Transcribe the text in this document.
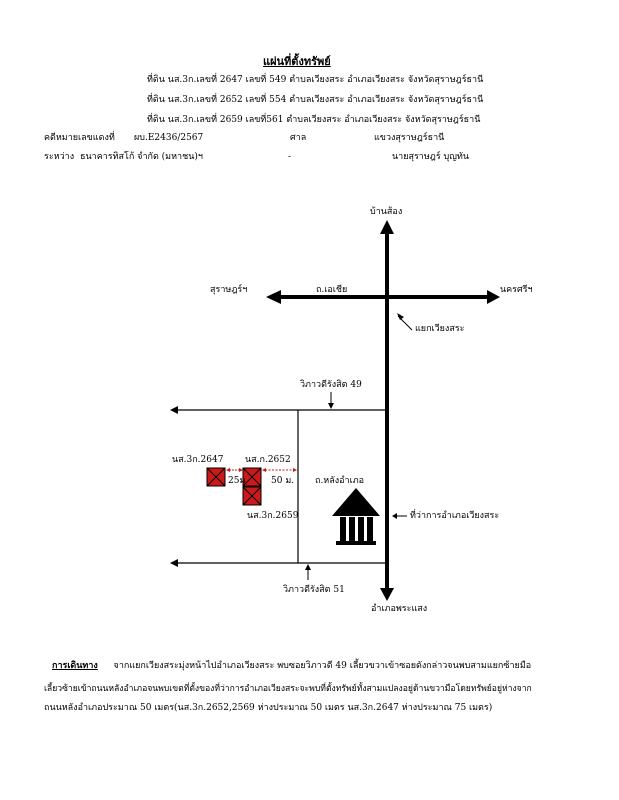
แผ่นที่ตั้งทรัพย์
ที่ดิน นส.3ก.เลขที่ 2647 เลขที่ 549 ตำบลเวียงสระ อำเภอเวียงสระ จังหวัดสุราษฎร์ธานี
ที่ดิน นส.3ก.เลขที่ 2652 เลขที่ 554 ตำบลเวียงสระ อำเภอเวียงสระ จังหวัดสุราษฎร์ธานี
ที่ดิน นส.3ก.เลขที่ 2659 เลขที่561 ตำบลเวียงสระ อำเภอเวียงสระ จังหวัดสุราษฎร์ธานี
คดีหมายเลขแดงที่ ผบ.E2436/2567	ศาล	แขวงสุราษฎร์ธานี
ระหว่าง ธนาคารทิสโก้ จำกัด (มหาชน)ฯ	-	นายสุราษฎร์ บุญทัน
บ้านส้อง
สุราษฎร์ฯ	ถ.เอเชีย	นครศรีฯ
แยกเวียงสระ
วิภาวดีรังสิต 49
นส.3ก.2647 นส.ก.2652
25ม	50 ม. ถ.หลังอำเภอ
นส.3ก.2659	ที่ว่าการอำเภอเวียงสระ
วิภาวดีรังสิต 51
อำเภอพระแสง
การเดินทาง จากแยกเวียงสระมุ่งหน้าไปอำเภอเวียงสระ พบซอยวิภาวดี 49 เลี้ยวขวาเข้าซอยดังกล่าวจนพบสามแยกซ้ายมือ
เลี้ยวซ้ายเข้าถนนหลังอำเภอจนพบเขตที่ตั้งของที่ว่าการอำเภอเวียงสระจะพบที่ตั้งทรัพย์ทั้งสามแปลงอยู่ด้านขวามือโดยทรัพย์อยู่ห่างจาก
ถนนหลังอำเภอประมาณ 50 เมตร(นส.3ก.2652,2569 ห่างประมาณ 50 เมตร นส.3ก.2647 ห่างประมาณ 75 เมตร)
